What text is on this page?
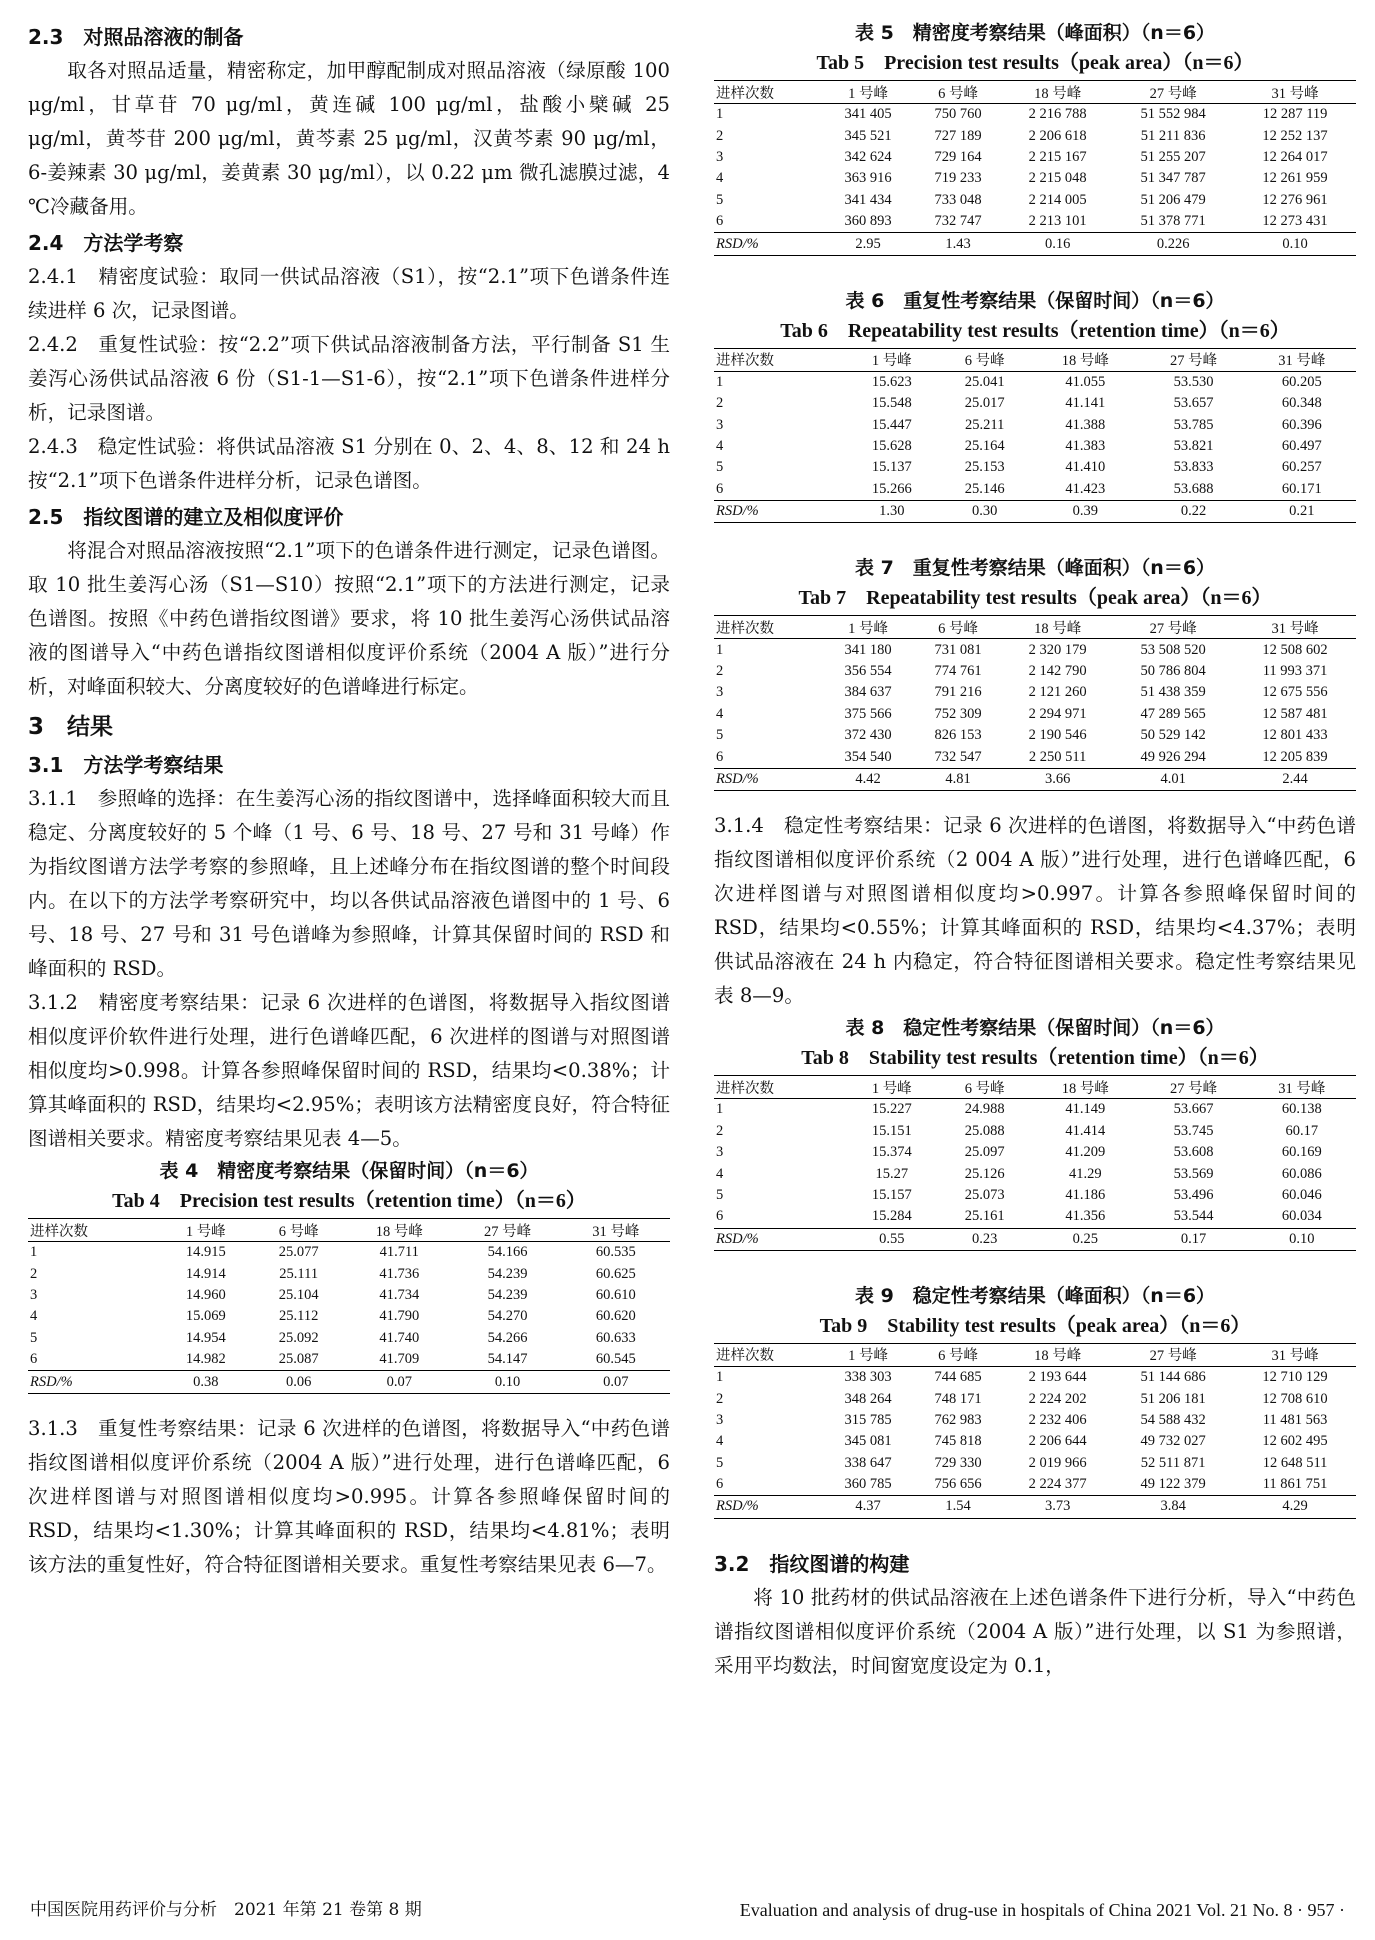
2.3　对照品溶液的制备

取各对照品适量，精密称定，加甲醇配制成对照品溶液（绿原酸 100 μg/ml，甘草苷 70 μg/ml，黄连碱 100 μg/ml，盐酸小檗碱 25 μg/ml，黄芩苷 200 μg/ml，黄芩素 25 μg/ml，汉黄芩素 90 μg/ml，6-姜辣素 30 μg/ml，姜黄素 30 μg/ml），以 0.22 μm 微孔滤膜过滤，4 ℃冷藏备用。

2.4　方法学考察

2.4.1　精密度试验：取同一供试品溶液（S1），按“2.1”项下色谱条件连续进样 6 次，记录图谱。

2.4.2　重复性试验：按“2.2”项下供试品溶液制备方法，平行制备 S1 生姜泻心汤供试品溶液 6 份（S1-1—S1-6），按“2.1”项下色谱条件进样分析，记录图谱。

2.4.3　稳定性试验：将供试品溶液 S1 分别在 0、2、4、8、12 和 24 h 按“2.1”项下色谱条件进样分析，记录色谱图。

2.5　指纹图谱的建立及相似度评价

将混合对照品溶液按照“2.1”项下的色谱条件进行测定，记录色谱图。取 10 批生姜泻心汤（S1—S10）按照“2.1”项下的方法进行测定，记录色谱图。按照《中药色谱指纹图谱》要求，将 10 批生姜泻心汤供试品溶液的图谱导入“中药色谱指纹图谱相似度评价系统（2004 A 版）”进行分析，对峰面积较大、分离度较好的色谱峰进行标定。

3　结果
3.1　方法学考察结果

3.1.1　参照峰的选择：在生姜泻心汤的指纹图谱中，选择峰面积较大而且稳定、分离度较好的 5 个峰（1 号、6 号、18 号、27 号和 31 号峰）作为指纹图谱方法学考察的参照峰，且上述峰分布在指纹图谱的整个时间段内。在以下的方法学考察研究中，均以各供试品溶液色谱图中的 1 号、6 号、18 号、27 号和 31 号色谱峰为参照峰，计算其保留时间的 RSD 和峰面积的 RSD。

3.1.2　精密度考察结果：记录 6 次进样的色谱图，将数据导入指纹图谱相似度评价软件进行处理，进行色谱峰匹配，6 次进样的图谱与对照图谱相似度均>0.998。计算各参照峰保留时间的 RSD，结果均<0.38%；计算其峰面积的 RSD，结果均<2.95%；表明该方法精密度良好，符合特征图谱相关要求。精密度考察结果见表 4—5。

表 4　精密度考察结果（保留时间）（n＝6）
Tab 4　Precision test results（retention time）（n＝6）
进样次数	1 号峰	6 号峰	18 号峰	27 号峰	31 号峰
1	14.915	25.077	41.711	54.166	60.535
2	14.914	25.111	41.736	54.239	60.625
3	14.960	25.104	41.734	54.239	60.610
4	15.069	25.112	41.790	54.270	60.620
5	14.954	25.092	41.740	54.266	60.633
6	14.982	25.087	41.709	54.147	60.545
RSD/%	0.38	0.06	0.07	0.10	0.07

3.1.3　重复性考察结果：记录 6 次进样的色谱图，将数据导入“中药色谱指纹图谱相似度评价系统（2004 A 版）”进行处理，进行色谱峰匹配，6 次进样图谱与对照图谱相似度均>0.995。计算各参照峰保留时间的 RSD，结果均<1.30%；计算其峰面积的 RSD，结果均<4.81%；表明该方法的重复性好，符合特征图谱相关要求。重复性考察结果见表 6—7。

表 5　精密度考察结果（峰面积）（n＝6）
Tab 5　Precision test results（peak area）（n＝6）
进样次数	1 号峰	6 号峰	18 号峰	27 号峰	31 号峰
1	341 405	750 760	2 216 788	51 552 984	12 287 119
2	345 521	727 189	2 206 618	51 211 836	12 252 137
3	342 624	729 164	2 215 167	51 255 207	12 264 017
4	363 916	719 233	2 215 048	51 347 787	12 261 959
5	341 434	733 048	2 214 005	51 206 479	12 276 961
6	360 893	732 747	2 213 101	51 378 771	12 273 431
RSD/%	2.95	1.43	0.16	0.226	0.10
表 6　重复性考察结果（保留时间）（n＝6）
Tab 6　Repeatability test results（retention time）（n＝6）
进样次数	1 号峰	6 号峰	18 号峰	27 号峰	31 号峰
1	15.623	25.041	41.055	53.530	60.205
2	15.548	25.017	41.141	53.657	60.348
3	15.447	25.211	41.388	53.785	60.396
4	15.628	25.164	41.383	53.821	60.497
5	15.137	25.153	41.410	53.833	60.257
6	15.266	25.146	41.423	53.688	60.171
RSD/%	1.30	0.30	0.39	0.22	0.21
表 7　重复性考察结果（峰面积）（n＝6）
Tab 7　Repeatability test results（peak area）（n＝6）
进样次数	1 号峰	6 号峰	18 号峰	27 号峰	31 号峰
1	341 180	731 081	2 320 179	53 508 520	12 508 602
2	356 554	774 761	2 142 790	50 786 804	11 993 371
3	384 637	791 216	2 121 260	51 438 359	12 675 556
4	375 566	752 309	2 294 971	47 289 565	12 587 481
5	372 430	826 153	2 190 546	50 529 142	12 801 433
6	354 540	732 547	2 250 511	49 926 294	12 205 839
RSD/%	4.42	4.81	3.66	4.01	2.44

3.1.4　稳定性考察结果：记录 6 次进样的色谱图，将数据导入“中药色谱指纹图谱相似度评价系统（2 004 A 版）”进行处理，进行色谱峰匹配，6 次进样图谱与对照图谱相似度均>0.997。计算各参照峰保留时间的 RSD，结果均<0.55%；计算其峰面积的 RSD，结果均<4.37%；表明供试品溶液在 24 h 内稳定，符合特征图谱相关要求。稳定性考察结果见表 8—9。

表 8　稳定性考察结果（保留时间）（n＝6）
Tab 8　Stability test results（retention time）（n＝6）
进样次数	1 号峰	6 号峰	18 号峰	27 号峰	31 号峰
1	15.227	24.988	41.149	53.667	60.138
2	15.151	25.088	41.414	53.745	60.17
3	15.374	25.097	41.209	53.608	60.169
4	15.27	25.126	41.29	53.569	60.086
5	15.157	25.073	41.186	53.496	60.046
6	15.284	25.161	41.356	53.544	60.034
RSD/%	0.55	0.23	0.25	0.17	0.10
表 9　稳定性考察结果（峰面积）（n＝6）
Tab 9　Stability test results（peak area）（n＝6）
进样次数	1 号峰	6 号峰	18 号峰	27 号峰	31 号峰
1	338 303	744 685	2 193 644	51 144 686	12 710 129
2	348 264	748 171	2 224 202	51 206 181	12 708 610
3	315 785	762 983	2 232 406	54 588 432	11 481 563
4	345 081	745 818	2 206 644	49 732 027	12 602 495
5	338 647	729 330	2 019 966	52 511 871	12 648 511
6	360 785	756 656	2 224 377	49 122 379	11 861 751
RSD/%	4.37	1.54	3.73	3.84	4.29
3.2　指纹图谱的构建

将 10 批药材的供试品溶液在上述色谱条件下进行分析，导入“中药色谱指纹图谱相似度评价系统（2004 A 版）”进行处理，以 S1 为参照谱，采用平均数法，时间窗宽度设定为 0.1，

中国医院用药评价与分析　2021 年第 21 卷第 8 期	Evaluation and analysis of drug-use in hospitals of China 2021 Vol. 21 No. 8 · 957 ·
